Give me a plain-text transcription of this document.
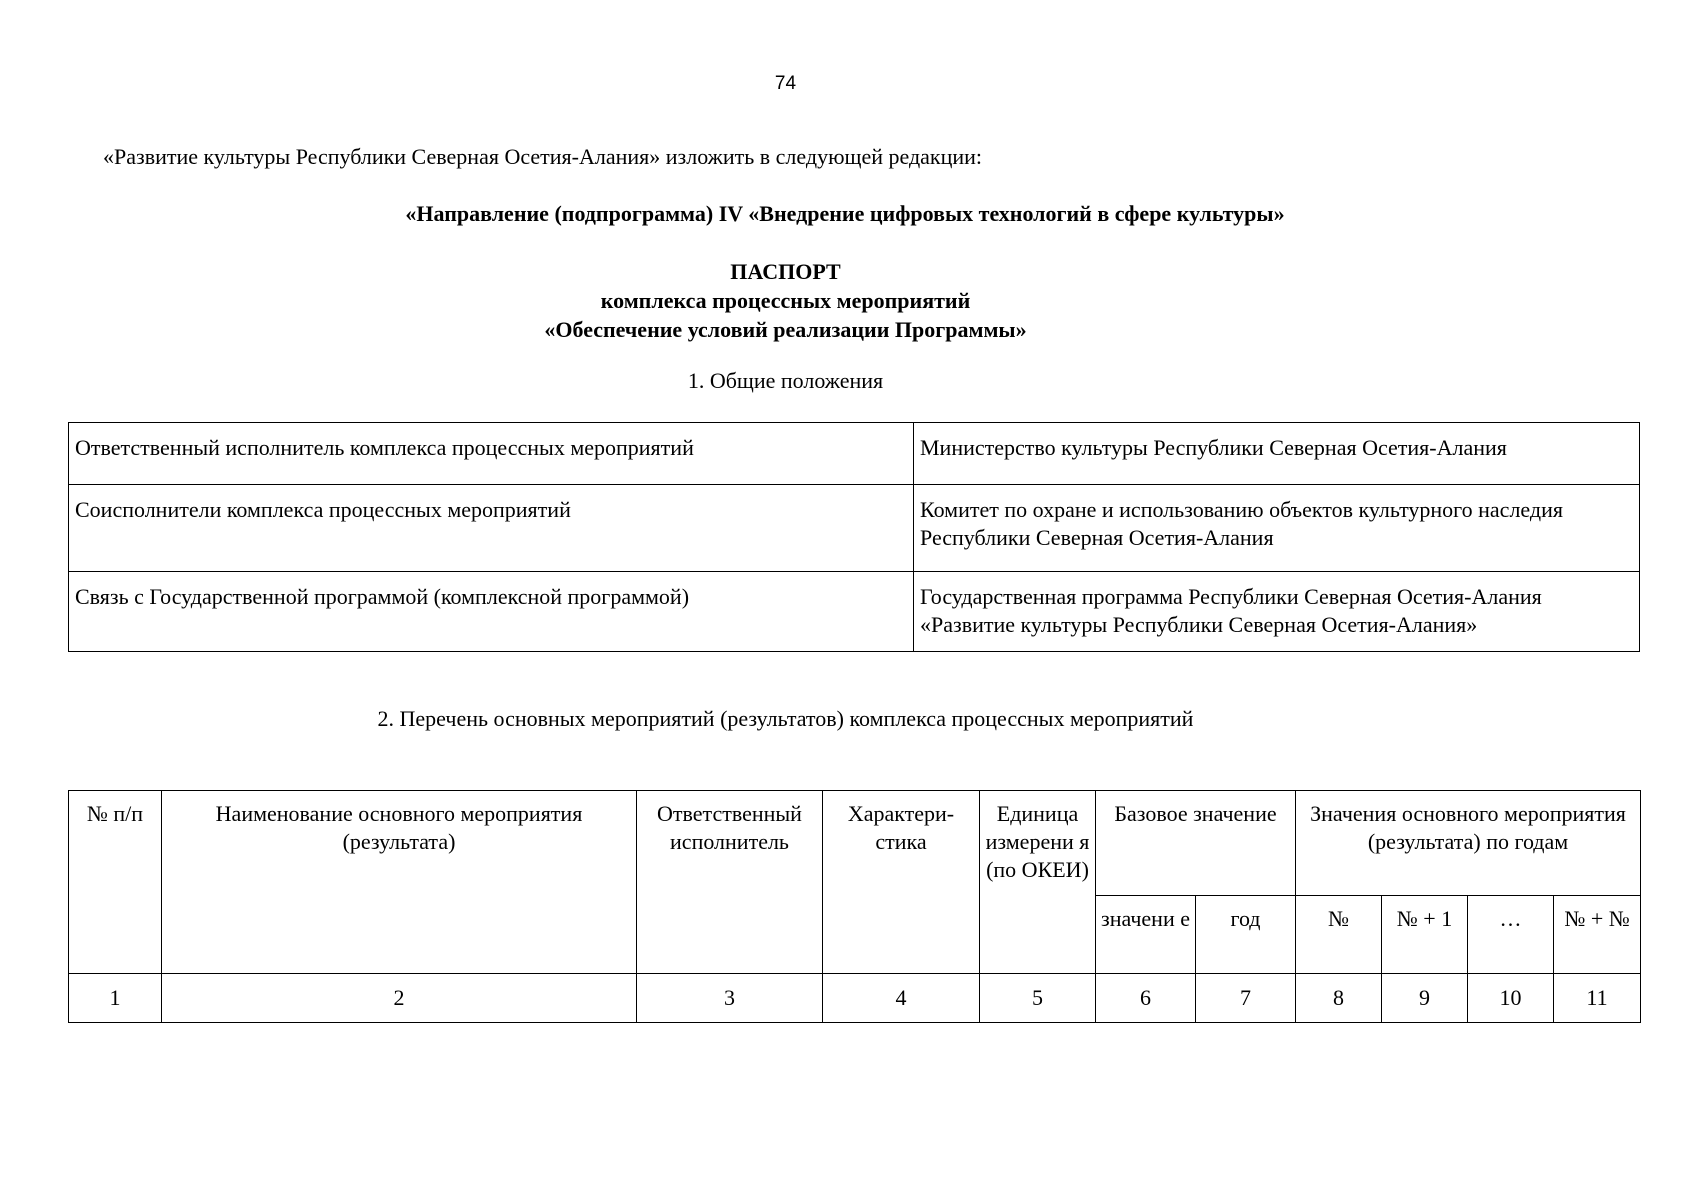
74
«Развитие культуры Республики Северная Осетия-Алания» изложить в следующей редакции:
«Направление (подпрограмма) IV «Внедрение цифровых технологий в сфере культуры»
ПАСПОРТ
комплекса процессных мероприятий
«Обеспечение условий реализации Программы»
1. Общие положения
Ответственный исполнитель комплекса процессных мероприятий	Министерство культуры Республики Северная Осетия-Алания
Соисполнители комплекса процессных мероприятий	Комитет по охране и использованию объектов культурного наследия Республики Северная Осетия-Алания
Связь с Государственной программой (комплексной программой)	Государственная программа Республики Северная Осетия-Алания «Развитие культуры Республики Северная Осетия-Алания»
2. Перечень основных мероприятий (результатов) комплекса процессных мероприятий
№ п/п	Наименование основного мероприятия (результата)	Ответственный исполнитель	Характери-стика	Единица измерени я (по ОКЕИ)	Базовое значение		Значения основного мероприятия (результата) по годам			
					значени е	год	№	№ + 1	…	№ + №
1	2	3	4	5	6	7	8	9	10	11
